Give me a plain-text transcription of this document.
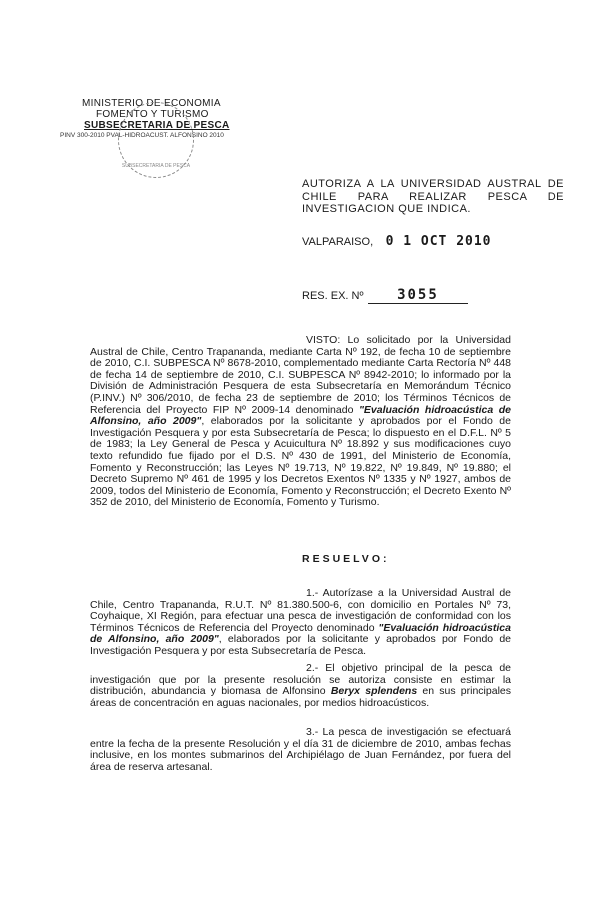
MINISTERIO DE ECONOMIA
FOMENTO Y TURISMO
SUBSECRETARIA DE PESCA
PINV 300-2010 PVAL-HIDROACUST. ALFONSINO 2010
SUBSECRETARIA DE PESCA
AUTORIZA A LA UNIVERSIDAD AUSTRAL DE CHILE PARA REALIZAR PESCA DE INVESTIGACION QUE INDICA.
VALPARAISO, 0 1 OCT 2010
RES. EX. Nº 3055
VISTO: Lo solicitado por la Universidad Austral de Chile, Centro Trapananda, mediante Carta Nº 192, de fecha 10 de septiembre de 2010, C.I. SUBPESCA Nº 8678-2010, complementado mediante Carta Rectoría Nº 448 de fecha 14 de septiembre de 2010, C.I. SUBPESCA Nº 8942-2010; lo informado por la División de Administración Pesquera de esta Subsecretaría en Memorándum Técnico (P.INV.) Nº 306/2010, de fecha 23 de septiembre de 2010; los Términos Técnicos de Referencia del Proyecto FIP Nº 2009-14 denominado "Evaluación hidroacústica de Alfonsino, año 2009", elaborados por la solicitante y aprobados por el Fondo de Investigación Pesquera y por esta Subsecretaría de Pesca; lo dispuesto en el D.F.L. Nº 5 de 1983; la Ley General de Pesca y Acuicultura Nº 18.892 y sus modificaciones cuyo texto refundido fue fijado por el D.S. Nº 430 de 1991, del Ministerio de Economía, Fomento y Reconstrucción; las Leyes Nº 19.713, Nº 19.822, Nº 19.849, Nº 19.880; el Decreto Supremo Nº 461 de 1995 y los Decretos Exentos Nº 1335 y Nº 1927, ambos de 2009, todos del Ministerio de Economía, Fomento y Reconstrucción; el Decreto Exento Nº 352 de 2010, del Ministerio de Economía, Fomento y Turismo.
RESUELVO:
1.- Autorízase a la Universidad Austral de Chile, Centro Trapananda, R.U.T. Nº 81.380.500-6, con domicilio en Portales Nº 73, Coyhaique, XI Región, para efectuar una pesca de investigación de conformidad con los Términos Técnicos de Referencia del Proyecto denominado "Evaluación hidroacústica de Alfonsino, año 2009", elaborados por la solicitante y aprobados por Fondo de Investigación Pesquera y por esta Subsecretaría de Pesca.
2.- El objetivo principal de la pesca de investigación que por la presente resolución se autoriza consiste en estimar la distribución, abundancia y biomasa de Alfonsino Beryx splendens en sus principales áreas de concentración en aguas nacionales, por medios hidroacústicos.
3.- La pesca de investigación se efectuará entre la fecha de la presente Resolución y el día 31 de diciembre de 2010, ambas fechas inclusive, en los montes submarinos del Archipiélago de Juan Fernández, por fuera del área de reserva artesanal.
